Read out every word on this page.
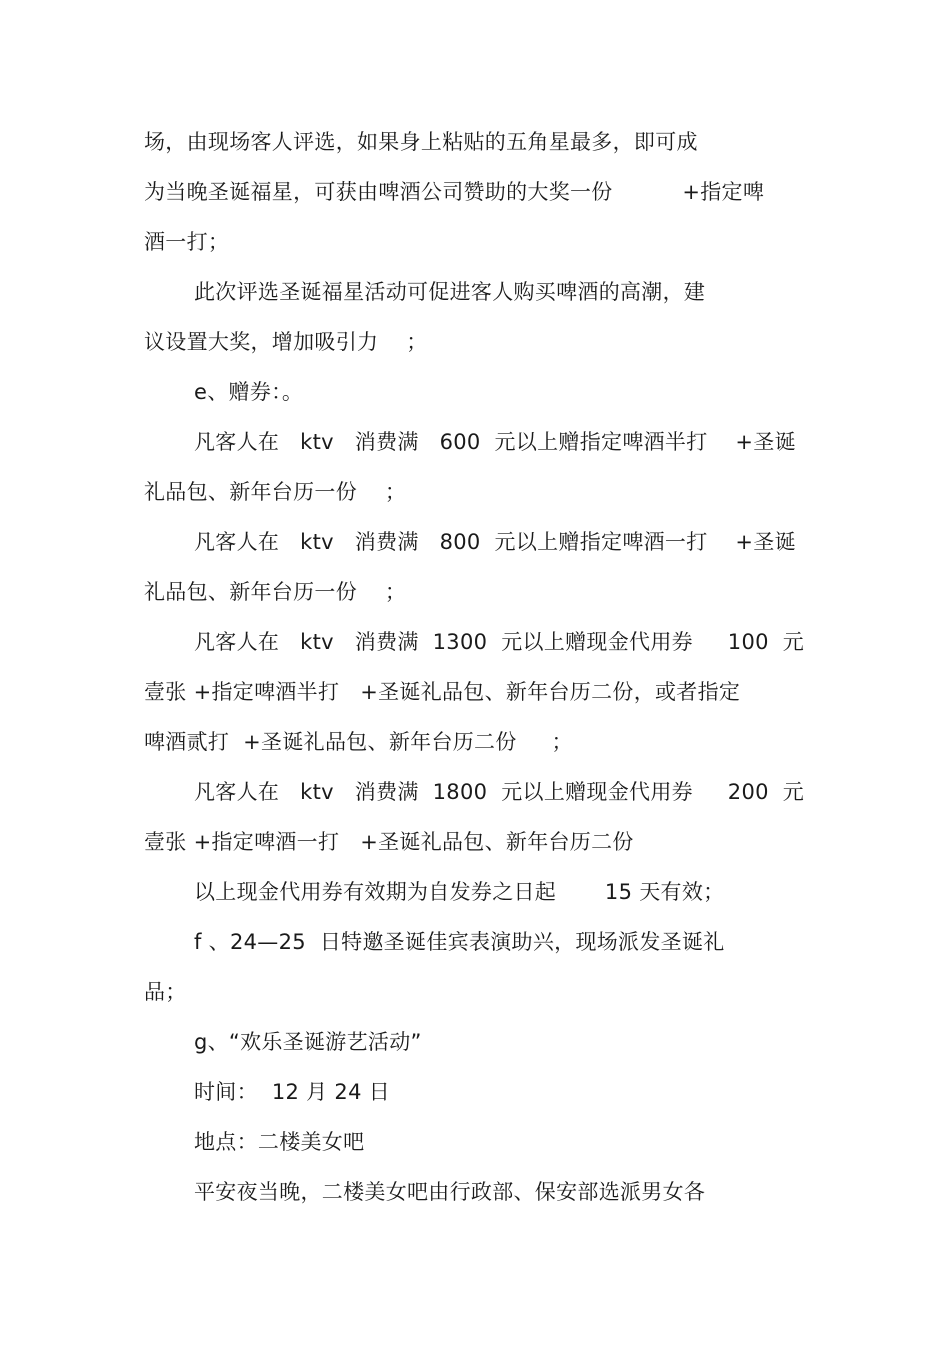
场，由现场客人评选，如果身上粘贴的五角星最多，即可成
为当晚圣诞福星，可获由啤酒公司赞助的大奖一份          +指定啤
酒一打；
此次评选圣诞福星活动可促进客人购买啤酒的高潮，建
议设置大奖，增加吸引力    ；
e、赠券：。
凡客人在   ktv   消费满   600  元以上赠指定啤酒半打    +圣诞
礼品包、新年台历一份    ；
凡客人在   ktv   消费满   800  元以上赠指定啤酒一打    +圣诞
礼品包、新年台历一份    ；
凡客人在   ktv   消费满  1300  元以上赠现金代用券     100  元
壹张 +指定啤酒半打   +圣诞礼品包、新年台历二份，或者指定
啤酒贰打  +圣诞礼品包、新年台历二份     ；
凡客人在   ktv   消费满  1800  元以上赠现金代用券     200  元
壹张 +指定啤酒一打   +圣诞礼品包、新年台历二份
以上现金代用券有效期为自发券之日起       15 天有效；
f 、24—25  日特邀圣诞佳宾表演助兴，现场派发圣诞礼
品；
g、“欢乐圣诞游艺活动”
时间：  12 月 24 日
地点：二楼美女吧
平安夜当晚，二楼美女吧由行政部、保安部选派男女各
